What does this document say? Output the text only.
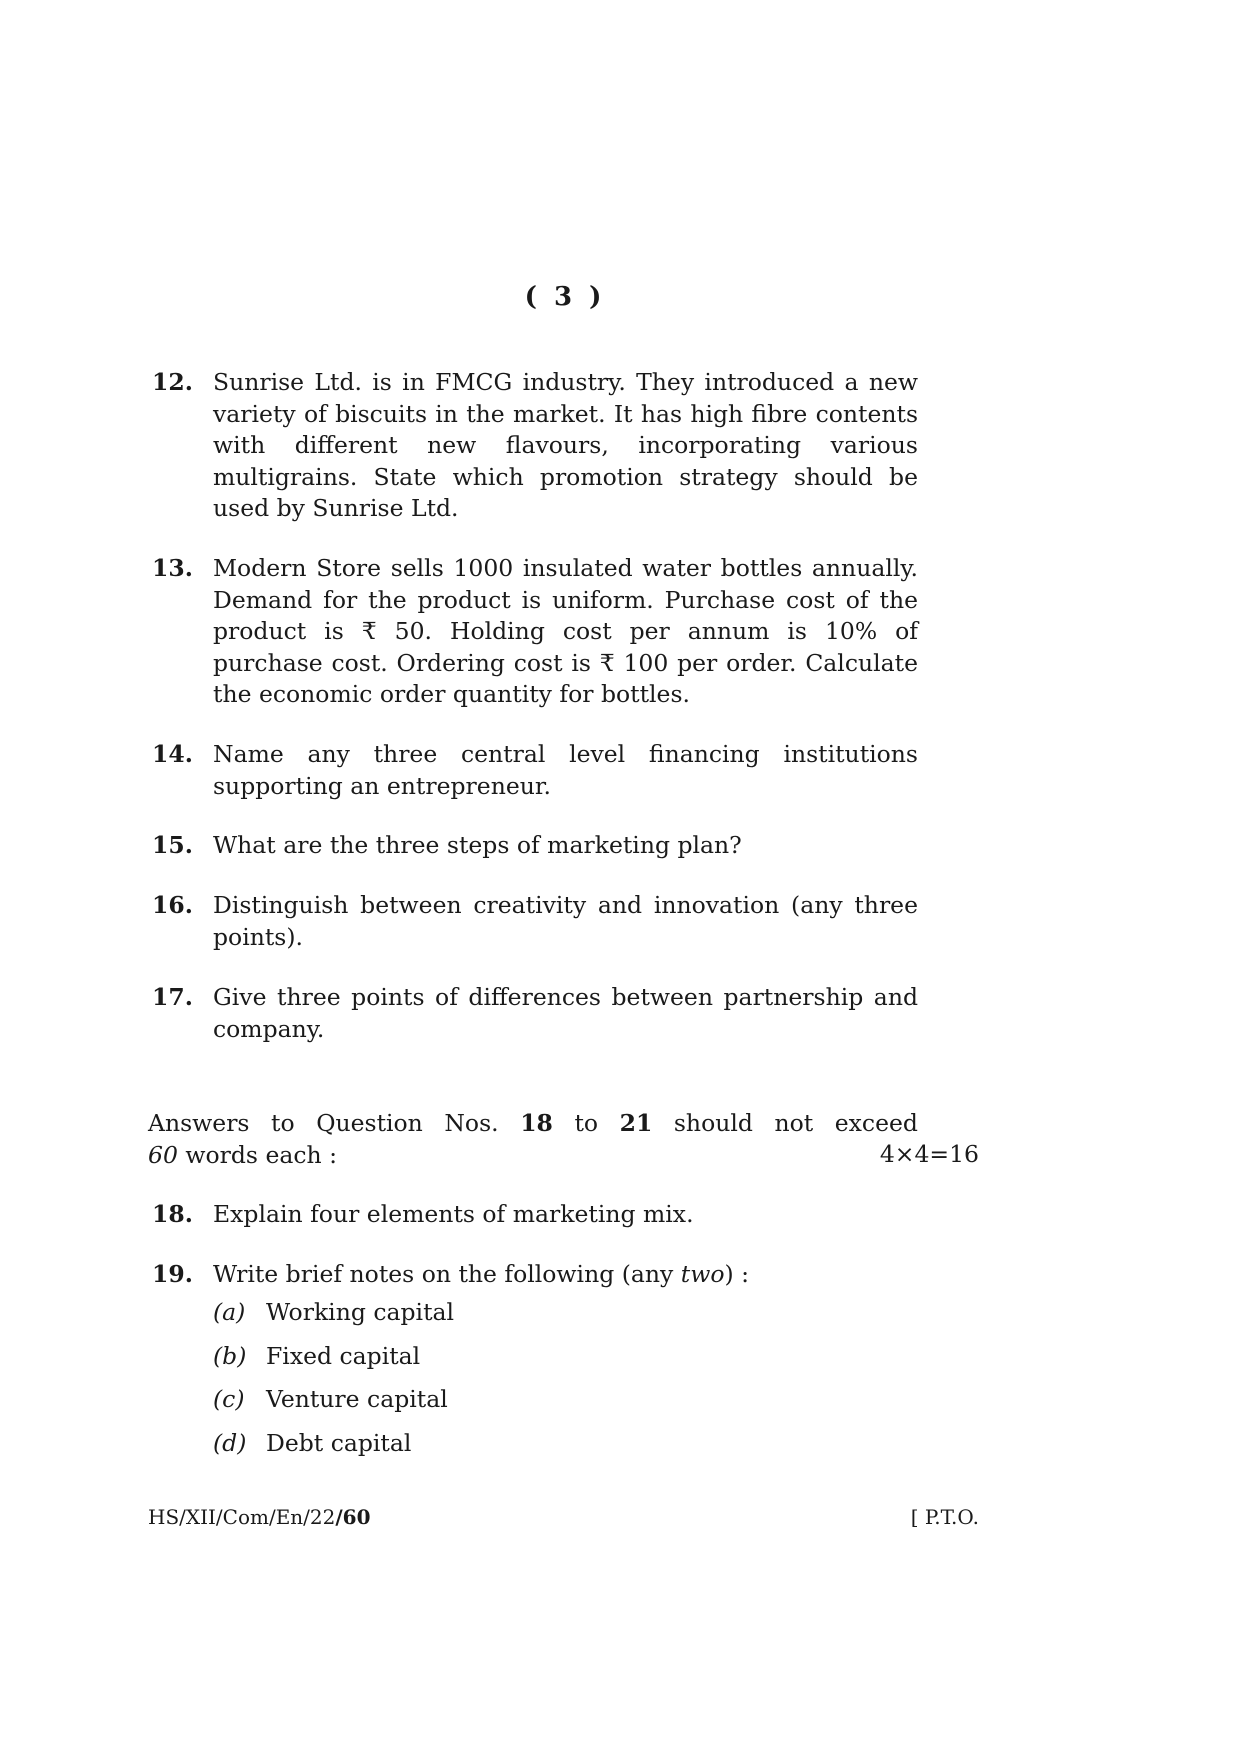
( 3 )
12. Sunrise Ltd. is in FMCG industry. They introduced a new variety of biscuits in the market. It has high fibre contents with different new flavours, incorporating various multigrains. State which promotion strategy should be used by Sunrise Ltd.
13. Modern Store sells 1000 insulated water bottles annually. Demand for the product is uniform. Purchase cost of the product is ₹ 50. Holding cost per annum is 10% of purchase cost. Ordering cost is ₹ 100 per order. Calculate the economic order quantity for bottles.
14. Name any three central level financing institutions supporting an entrepreneur.
15. What are the three steps of marketing plan?
16. Distinguish between creativity and innovation (any three points).
17. Give three points of differences between partnership and company.
Answers to Question Nos. 18 to 21 should not exceed
60 words each :	4×4=16
18. Explain four elements of marketing mix.
19. Write brief notes on the following (any two) :
(a) Working capital
(b) Fixed capital
(c) Venture capital
(d) Debt capital
HS/XII/Com/En/22/60	[ P.T.O.
